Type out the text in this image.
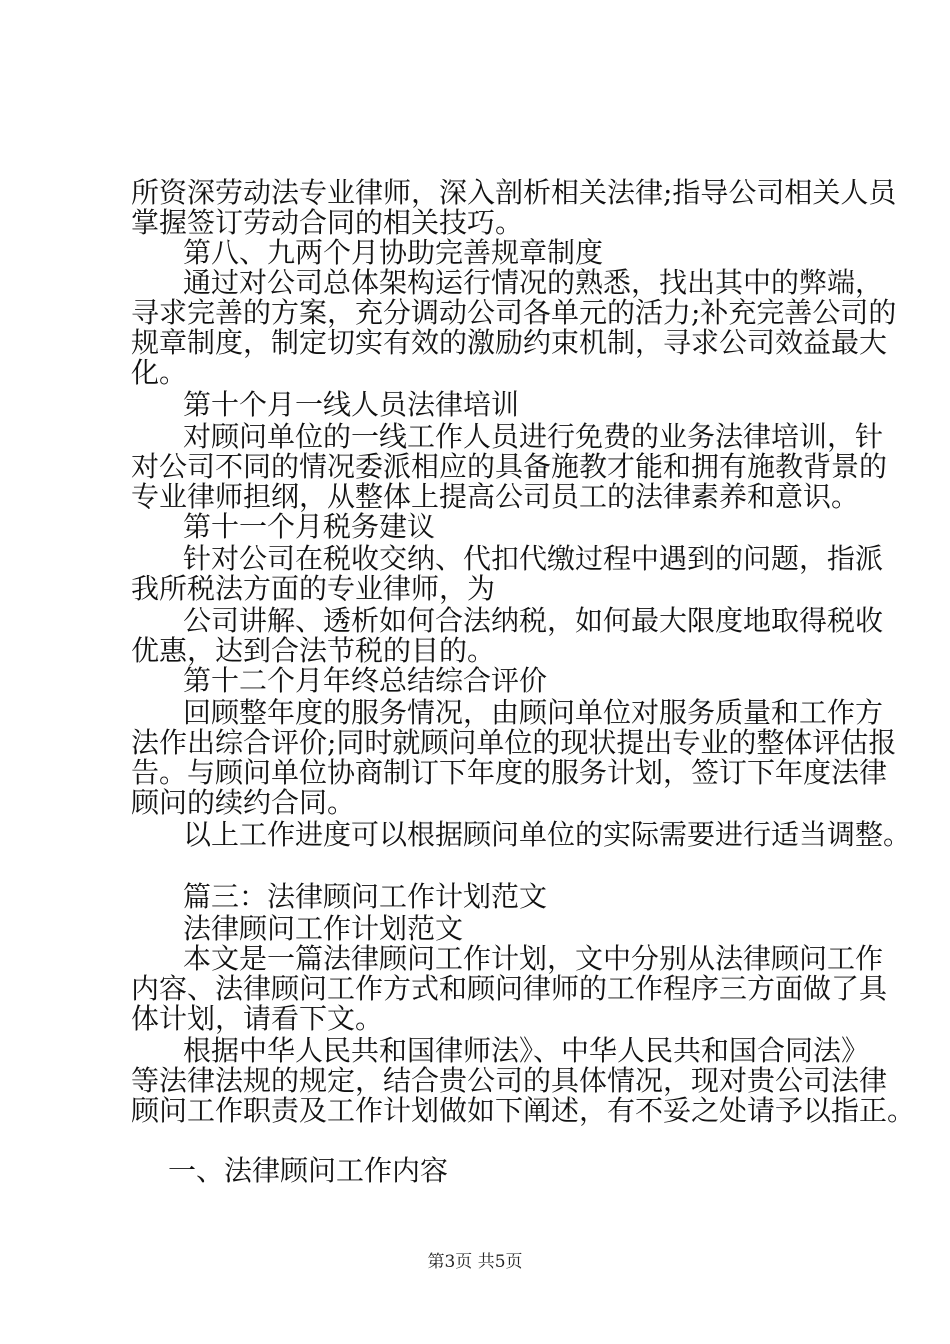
所资深劳动法专业律师，深入剖析相关法律;指导公司相关人员
掌握签订劳动合同的相关技巧。
第八、九两个月协助完善规章制度
通过对公司总体架构运行情况的熟悉，找出其中的弊端，
寻求完善的方案，充分调动公司各单元的活力;补充完善公司的
规章制度，制定切实有效的激励约束机制，寻求公司效益最大
化。
第十个月一线人员法律培训
对顾问单位的一线工作人员进行免费的业务法律培训，针
对公司不同的情况委派相应的具备施教才能和拥有施教背景的
专业律师担纲，从整体上提高公司员工的法律素养和意识。
第十一个月税务建议
针对公司在税收交纳、代扣代缴过程中遇到的问题，指派
我所税法方面的专业律师，为
公司讲解、透析如何合法纳税，如何最大限度地取得税收
优惠，达到合法节税的目的。
第十二个月年终总结综合评价
回顾整年度的服务情况，由顾问单位对服务质量和工作方
法作出综合评价;同时就顾问单位的现状提出专业的整体评估报
告。与顾问单位协商制订下年度的服务计划，签订下年度法律
顾问的续约合同。
以上工作进度可以根据顾问单位的实际需要进行适当调整。
篇三：法律顾问工作计划范文
法律顾问工作计划范文
本文是一篇法律顾问工作计划，文中分别从法律顾问工作
内容、法律顾问工作方式和顾问律师的工作程序三方面做了具
体计划，请看下文。
根据中华人民共和国律师法》、中华人民共和国合同法》
等法律法规的规定，结合贵公司的具体情况，现对贵公司法律
顾问工作职责及工作计划做如下阐述，有不妥之处请予以指正。
一、法律顾问工作内容
第3页 共5页
